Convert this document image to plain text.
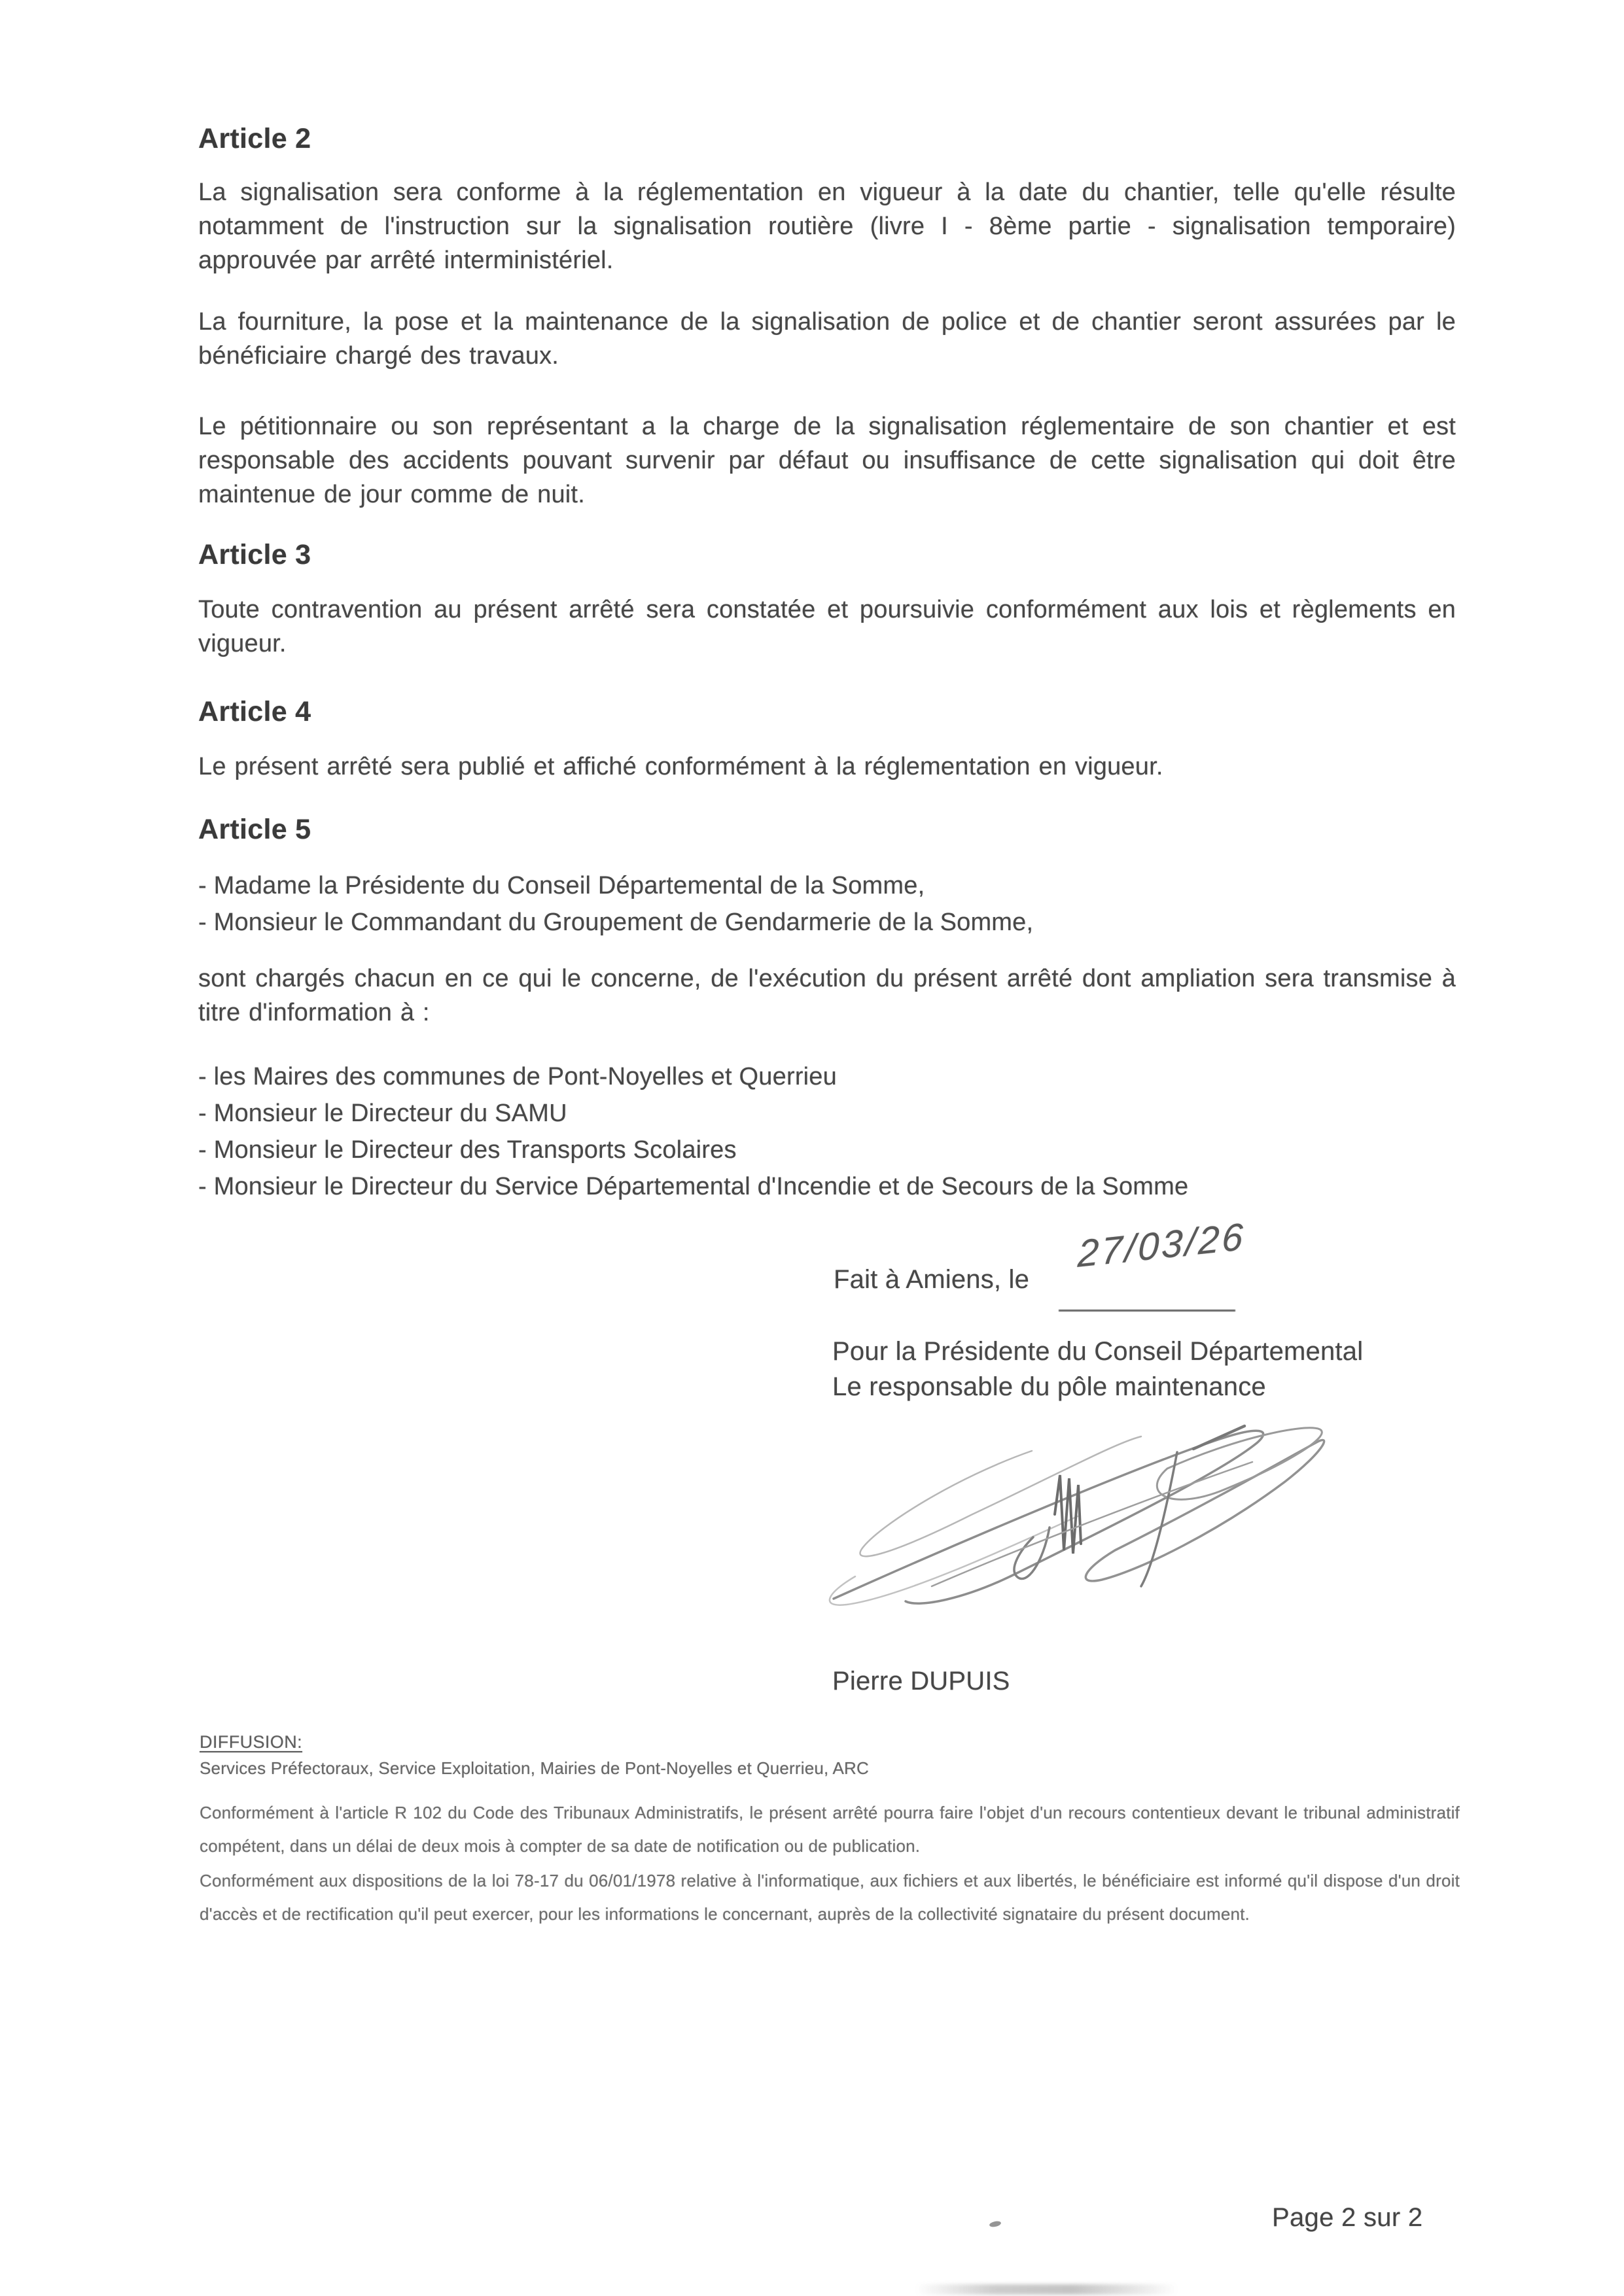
Article 2
La signalisation sera conforme à la réglementation en vigueur à la date du chantier, telle qu'elle résulte notamment de l'instruction sur la signalisation routière (livre I - 8ème partie - signalisation temporaire) approuvée par arrêté interministériel.
La fourniture, la pose et la maintenance de la signalisation de police et de chantier seront assurées par le bénéficiaire chargé des travaux.
Le pétitionnaire ou son représentant a la charge de la signalisation réglementaire de son chantier et est responsable des accidents pouvant survenir par défaut ou insuffisance de cette signalisation qui doit être maintenue de jour comme de nuit.
Article 3
Toute contravention au présent arrêté sera constatée et poursuivie conformément aux lois et règlements en vigueur.
Article 4
Le présent arrêté sera publié et affiché conformément à la réglementation en vigueur.
Article 5
- Madame la Présidente du Conseil Départemental de la Somme,
- Monsieur le Commandant du Groupement de Gendarmerie de la Somme,
sont chargés chacun en ce qui le concerne, de l'exécution du présent arrêté dont ampliation sera transmise à titre d'information à :
- les Maires des communes de Pont-Noyelles et Querrieu
- Monsieur le Directeur du SAMU
- Monsieur le Directeur des Transports Scolaires
- Monsieur le Directeur du Service Départemental d'Incendie et de Secours de la Somme
Fait à Amiens, le
27/03/26
Pour la Présidente du Conseil Départemental
Le responsable du pôle maintenance
Pierre DUPUIS
DIFFUSION:
Services Préfectoraux, Service Exploitation, Mairies de Pont-Noyelles et Querrieu, ARC
Conformément à l'article R 102 du Code des Tribunaux Administratifs, le présent arrêté pourra faire l'objet d'un recours contentieux devant le tribunal administratif compétent, dans un délai de deux mois à compter de sa date de notification ou de publication.
Conformément aux dispositions de la loi 78-17 du 06/01/1978 relative à l'informatique, aux fichiers et aux libertés, le bénéficiaire est informé qu'il dispose d'un droit d'accès et de rectification qu'il peut exercer, pour les informations le concernant, auprès de la collectivité signataire du présent document.
Page 2 sur 2
